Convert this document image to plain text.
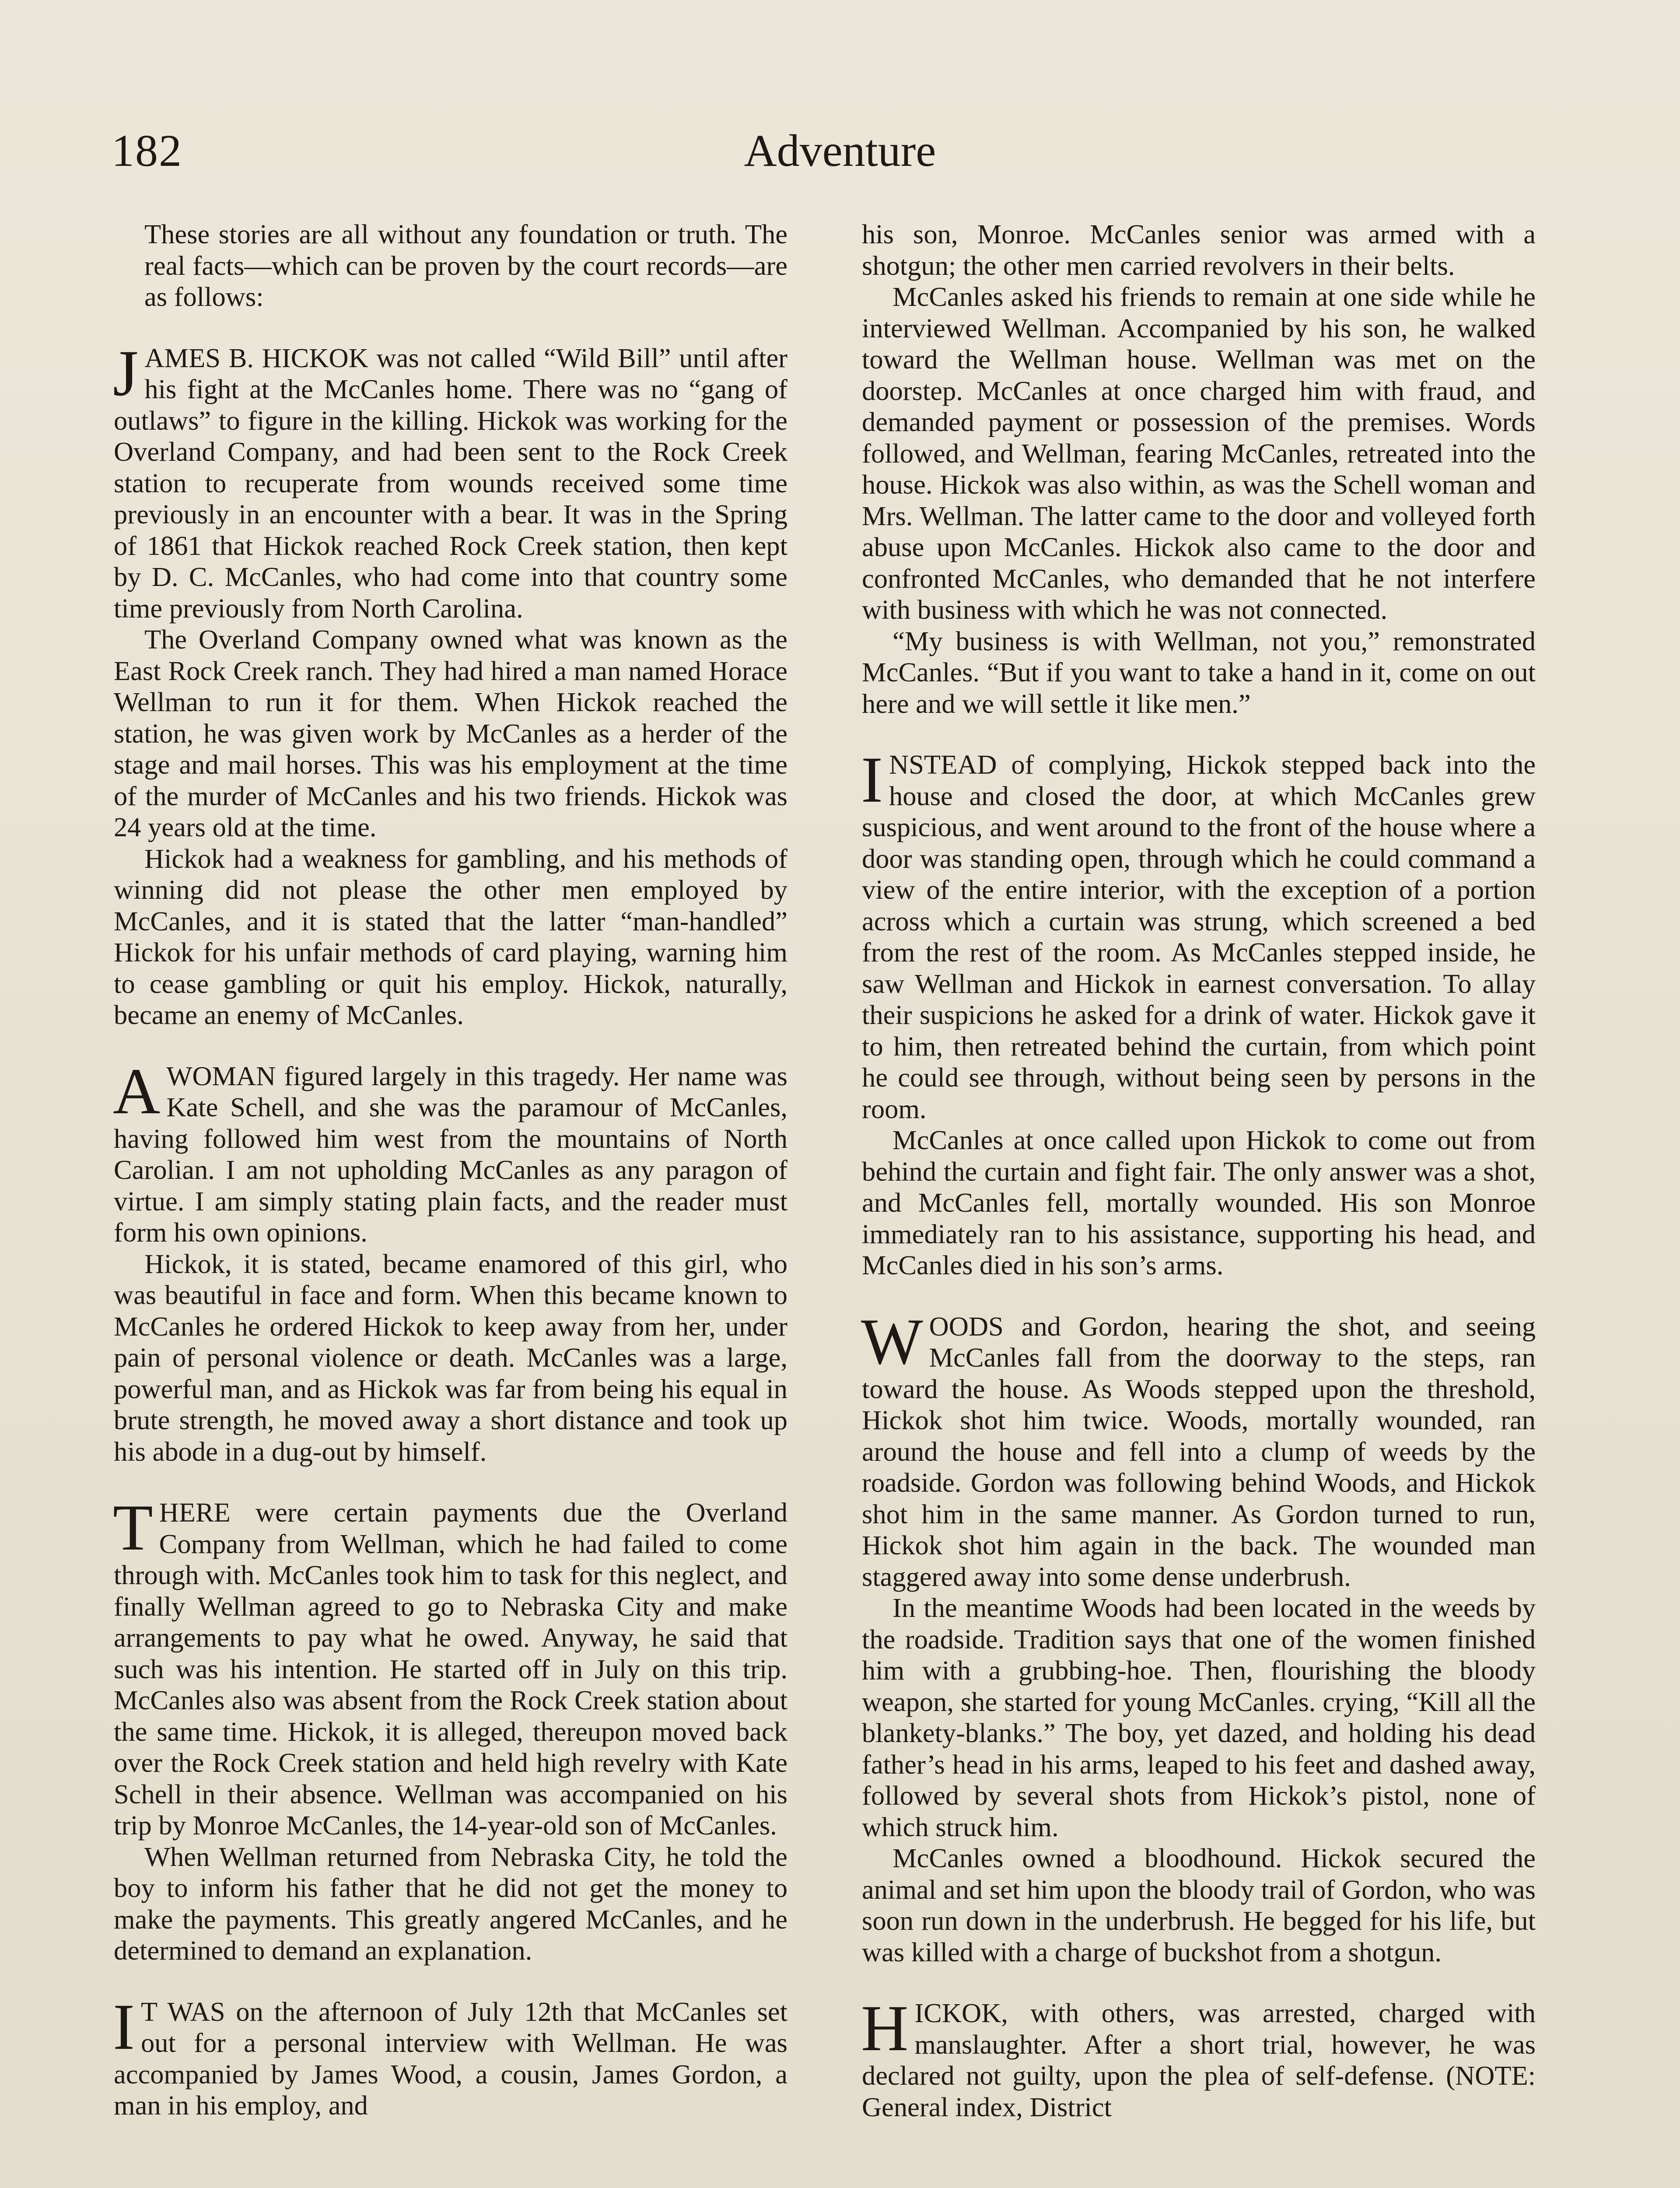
182	Adventure

These stories are all without any foundation or truth. The real facts—which can be proven by the court records—are as follows:

JAMES B. HICKOK was not called “Wild Bill” until after his fight at the McCanles home. There was no “gang of outlaws” to figure in the killing. Hickok was working for the Overland Company, and had been sent to the Rock Creek station to recuperate from wounds received some time previously in an encounter with a bear. It was in the Spring of 1861 that Hickok reached Rock Creek station, then kept by D. C. McCanles, who had come into that country some time previously from North Carolina.

The Overland Company owned what was known as the East Rock Creek ranch. They had hired a man named Horace Wellman to run it for them. When Hickok reached the station, he was given work by McCanles as a herder of the stage and mail horses. This was his employment at the time of the murder of McCanles and his two friends. Hickok was 24 years old at the time.

Hickok had a weakness for gambling, and his methods of winning did not please the other men employed by McCanles, and it is stated that the latter “man-handled” Hickok for his unfair methods of card playing, warning him to cease gambling or quit his employ. Hickok, naturally, became an enemy of McCanles.

AWOMAN figured largely in this tragedy. Her name was Kate Schell, and she was the paramour of McCanles, having followed him west from the mountains of North Carolian. I am not upholding McCanles as any paragon of virtue. I am simply stating plain facts, and the reader must form his own opinions.

Hickok, it is stated, became enamored of this girl, who was beautiful in face and form. When this became known to McCanles he ordered Hickok to keep away from her, under pain of personal violence or death. McCanles was a large, powerful man, and as Hickok was far from being his equal in brute strength, he moved away a short distance and took up his abode in a dug-out by himself.

THERE were certain payments due the Overland Company from Wellman, which he had failed to come through with. McCanles took him to task for this neglect, and finally Wellman agreed to go to Nebraska City and make arrangements to pay what he owed. Anyway, he said that such was his intention. He started off in July on this trip. McCanles also was absent from the Rock Creek station about the same time. Hickok, it is alleged, thereupon moved back over the Rock Creek station and held high revelry with Kate Schell in their absence. Wellman was accompanied on his trip by Monroe McCanles, the 14-year-old son of McCanles.

When Wellman returned from Nebraska City, he told the boy to inform his father that he did not get the money to make the payments. This greatly angered McCanles, and he determined to demand an explanation.

I T WAS on the afternoon of July 12th that McCanles set out for a personal interview with Wellman. He was accompanied by James Wood, a cousin, James Gordon, a man in his employ, and

his son, Monroe. McCanles senior was armed with a shotgun; the other men carried revolvers in their belts.

McCanles asked his friends to remain at one side while he interviewed Wellman. Accompanied by his son, he walked toward the Wellman house. Wellman was met on the doorstep. McCanles at once charged him with fraud, and demanded payment or possession of the premises. Words followed, and Wellman, fearing McCanles, retreated into the house. Hickok was also within, as was the Schell woman and Mrs. Wellman. The latter came to the door and volleyed forth abuse upon McCanles. Hickok also came to the door and confronted McCanles, who demanded that he not interfere with business with which he was not connected.

“My business is with Wellman, not you,” remonstrated McCanles. “But if you want to take a hand in it, come on out here and we will settle it like men.”

INSTEAD of complying, Hickok stepped back into the house and closed the door, at which McCanles grew suspicious, and went around to the front of the house where a door was standing open, through which he could command a view of the entire interior, with the exception of a portion across which a curtain was strung, which screened a bed from the rest of the room. As McCanles stepped inside, he saw Wellman and Hickok in earnest conversation. To allay their suspicions he asked for a drink of water. Hickok gave it to him, then retreated behind the curtain, from which point he could see through, without being seen by persons in the room.

McCanles at once called upon Hickok to come out from behind the curtain and fight fair. The only answer was a shot, and McCanles fell, mortally wounded. His son Monroe immediately ran to his assistance, supporting his head, and McCanles died in his son’s arms.

WOODS and Gordon, hearing the shot, and seeing McCanles fall from the doorway to the steps, ran toward the house. As Woods stepped upon the threshold, Hickok shot him twice. Woods, mortally wounded, ran around the house and fell into a clump of weeds by the roadside. Gordon was following behind Woods, and Hickok shot him in the same manner. As Gordon turned to run, Hickok shot him again in the back. The wounded man staggered away into some dense underbrush.

In the meantime Woods had been located in the weeds by the roadside. Tradition says that one of the women finished him with a grubbing-hoe. Then, flourishing the bloody weapon, she started for young McCanles. crying, “Kill all the blankety-blanks.” The boy, yet dazed, and holding his dead father’s head in his arms, leaped to his feet and dashed away, followed by several shots from Hickok’s pistol, none of which struck him.

McCanles owned a bloodhound. Hickok secured the animal and set him upon the bloody trail of Gordon, who was soon run down in the underbrush. He begged for his life, but was killed with a charge of buckshot from a shotgun.

HICKOK, with others, was arrested, charged with manslaughter. After a short trial, however, he was declared not guilty, upon the plea of self-defense. (NOTE: General index, District
